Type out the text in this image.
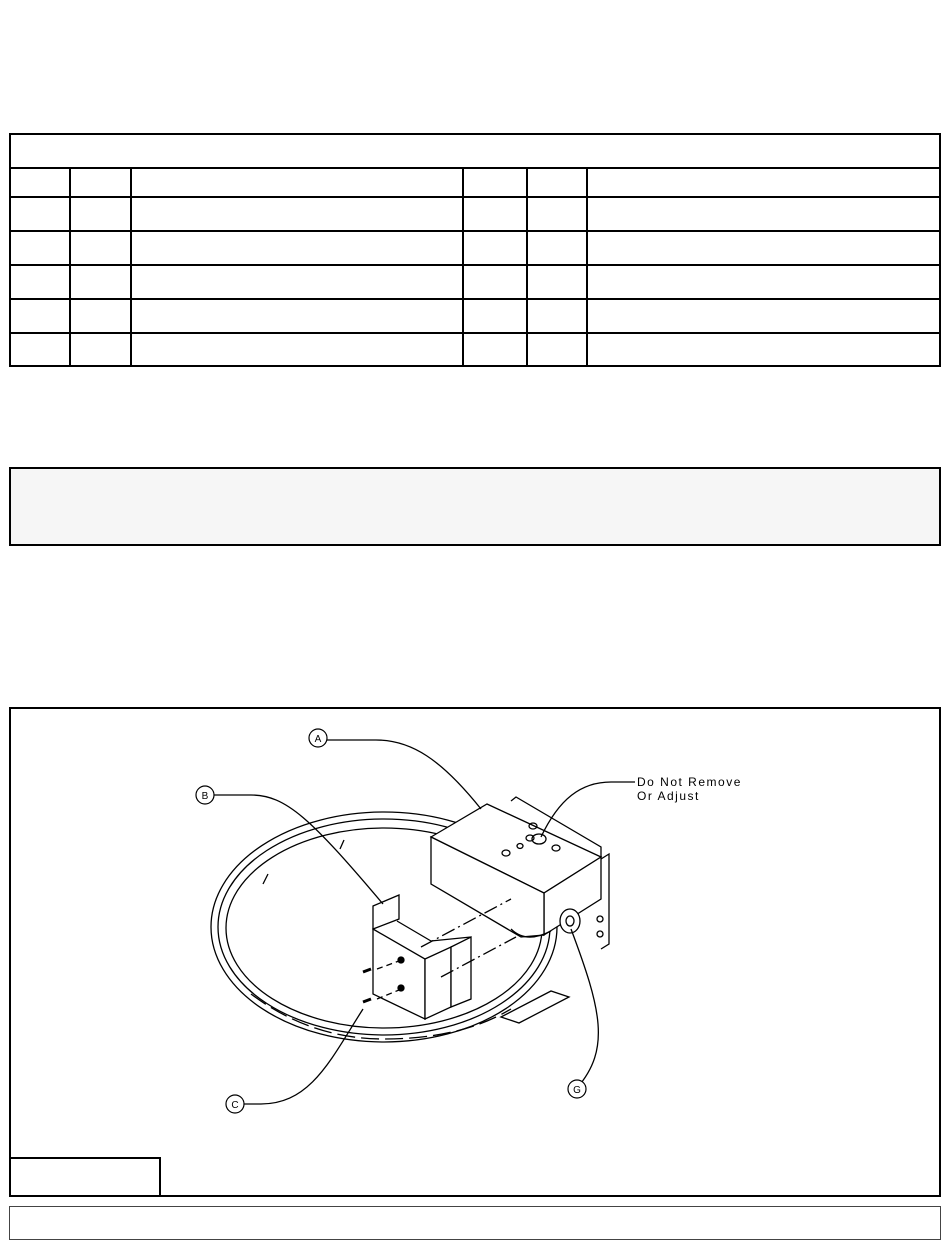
A
B
C
G
Do Not Remove
Or Adjust
